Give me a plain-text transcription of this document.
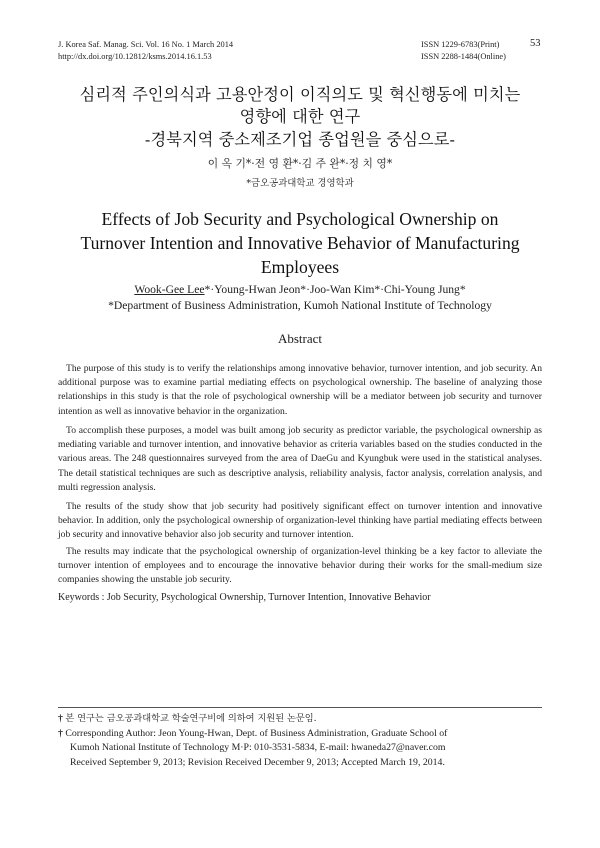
J. Korea Saf. Manag. Sci. Vol. 16 No. 1 March 2014
http://dx.doi.org/10.12812/ksms.2014.16.1.53
ISSN 1229-6783(Print)
ISSN 2288-1484(Online)
53
심리적 주인의식과 고용안정이 이직의도 및 혁신행동에 미치는
영향에 대한 연구
-경북지역 중소제조기업 종업원을 중심으로-
이 옥 기*·전 영 환*·김 주 완*·정 치 영*
*금오공과대학교 경영학과
Effects of Job Security and Psychological Ownership on
Turnover Intention and Innovative Behavior of Manufacturing
Employees
Wook-Gee Lee*·Young-Hwan Jeon*·Joo-Wan Kim*·Chi-Young Jung*
*Department of Business Administration, Kumoh National Institute of Technology
Abstract
The purpose of this study is to verify the relationships among innovative behavior, turnover intention, and job security. An additional purpose was to examine partial mediating effects on psychological ownership. The baseline of analyzing those relationships in this study is that the role of psychological ownership will be a mediator between job security and turnover intention as well as innovative behavior in the organization.
To accomplish these purposes, a model was built among job security as predictor variable, the psychological ownership as mediating variable and turnover intention, and innovative behavior as criteria variables based on the studies conducted in the various areas. The 248 questionnaires surveyed from the area of DaeGu and Kyungbuk were used in the statistical analyses. The detail statistical techniques are such as descriptive analysis, reliability analysis, factor analysis, correlation analysis, and multi regression analysis.
The results of the study show that job security had positively significant effect on turnover intention and innovative behavior. In addition, only the psychological ownership of organization-level thinking have partial mediating effects between job security and innovative behavior also job security and turnover intention.
The results may indicate that the psychological ownership of organization-level thinking be a key factor to alleviate the turnover intention of employees and to encourage the innovative behavior during their works for the small-medium size companies showing the unstable job security.
Keywords : Job Security, Psychological Ownership, Turnover Intention, Innovative Behavior
† 본 연구는 금오공과대학교 학술연구비에 의하여 지원된 논문임.
† Corresponding Author: Jeon Young-Hwan, Dept. of Business Administration, Graduate School of
Kumoh National Institute of Technology M·P: 010-3531-5834, E-mail: hwaneda27@naver.com
Received September 9, 2013; Revision Received December 9, 2013; Accepted March 19, 2014.
